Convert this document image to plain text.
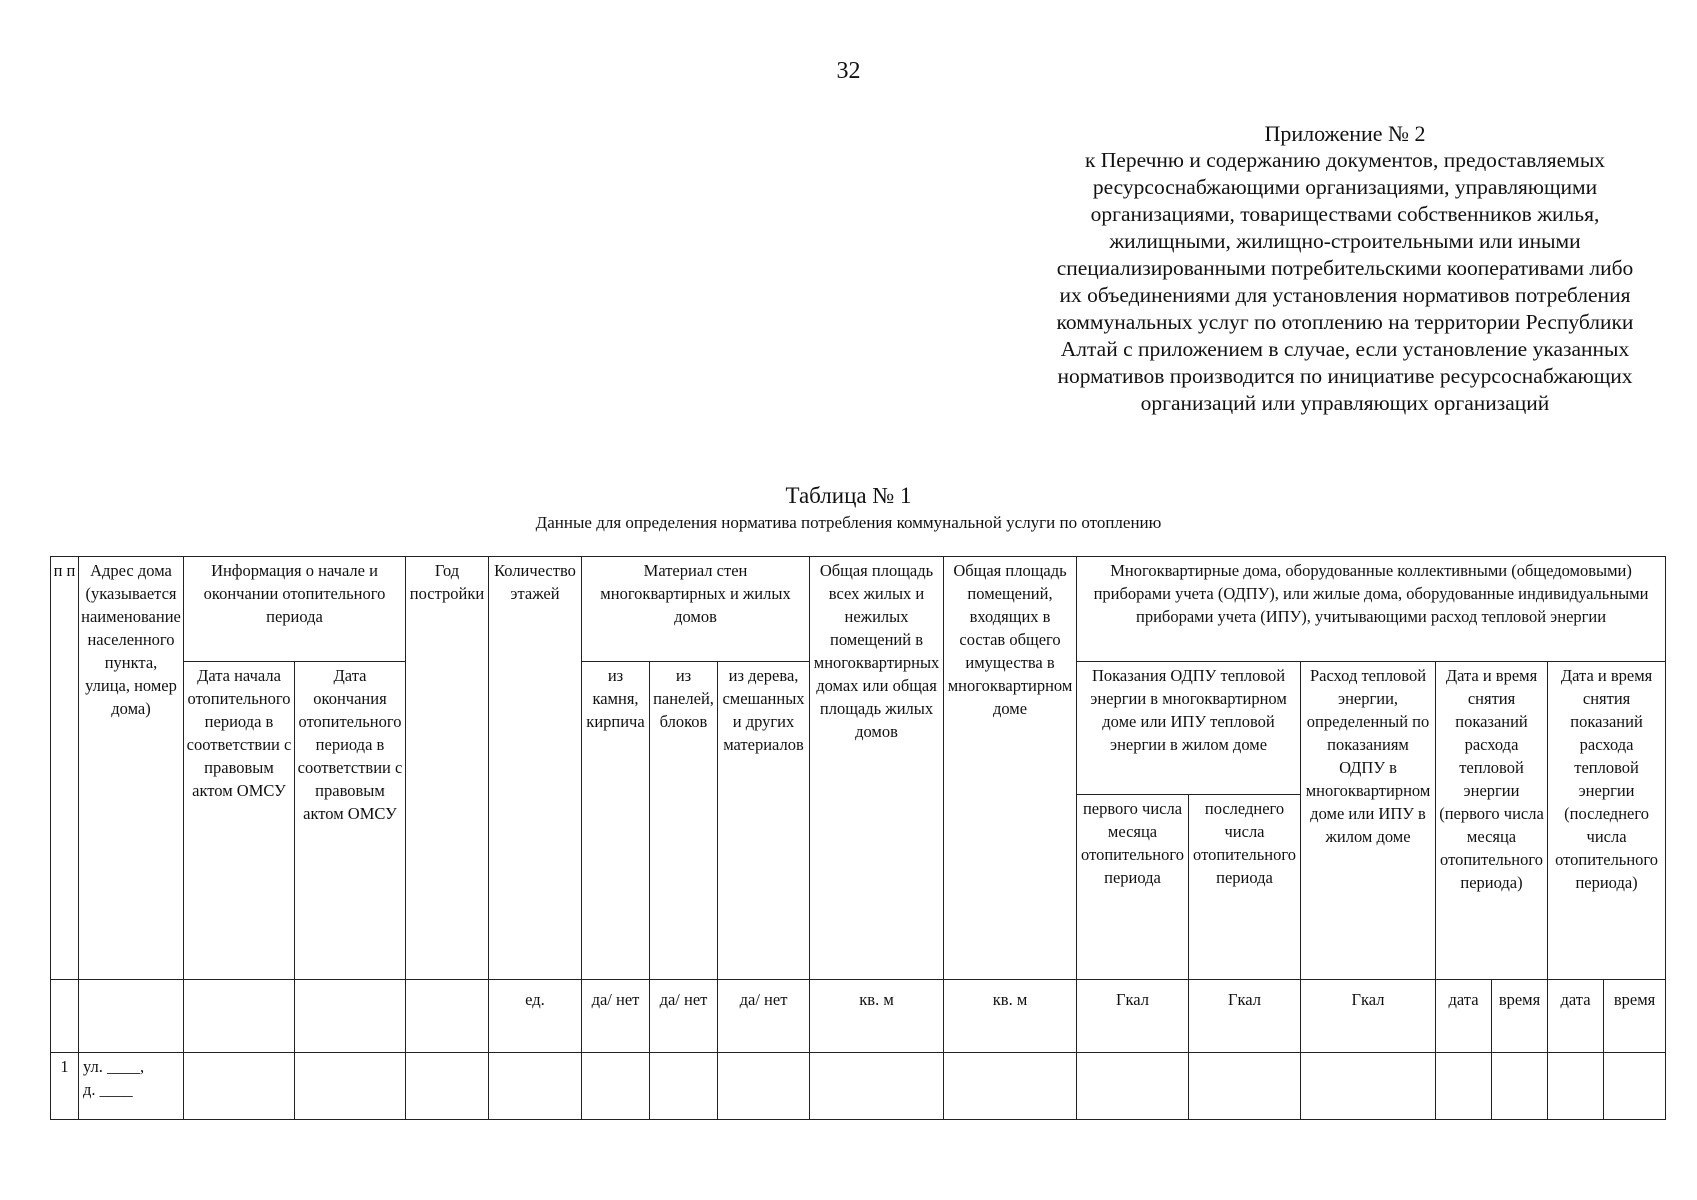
32
Приложение № 2
к Перечню и содержанию документов, предоставляемых
ресурсоснабжающими организациями, управляющими
организациями, товариществами собственников жилья,
жилищными, жилищно-строительными или иными
специализированными потребительскими кооперативами либо
их объединениями для установления нормативов потребления
коммунальных услуг по отоплению на территории Республики
Алтай с приложением в случае, если установление указанных
нормативов производится по инициативе ресурсоснабжающих
организаций или управляющих организаций
Таблица № 1
Данные для определения норматива потребления коммунальной услуги по отоплению
п п	Адрес дома (указывается наименование населенного пункта, улица, номер дома)	Информация о начале и окончании отопительного периода		Год постройки	Количество этажей	Материал стен многоквартирных и жилых домов			Общая площадь всех жилых и нежилых помещений в многоквартирных домах или общая площадь жилых домов	Общая площадь помещений, входящих в состав общего имущества в многоквартирном доме	Многоквартирные дома, оборудованные коллективными (общедомовыми) приборами учета (ОДПУ), или жилые дома, оборудованные индивидуальными приборами учета (ИПУ), учитывающими расход тепловой энергии						
		Дата начала отопительного периода в соответствии с правовым актом ОМСУ	Дата окончания отопительного периода в соответствии с правовым актом ОМСУ			из камня, кирпича	из панелей, блоков	из дерева, смешанных и других материалов			Показания ОДПУ тепловой энергии в многоквартирном доме или ИПУ тепловой энергии в жилом доме		Расход тепловой энергии, определенный по показаниям ОДПУ в многоквартирном доме или ИПУ в жилом доме	Дата и время снятия показаний расхода тепловой энергии (первого числа месяца отопительного периода)		Дата и время снятия показаний расхода тепловой энергии (последнего числа отопительного периода)	
											первого числа месяца отопительного периода	последнего числа отопительного периода					
					ед.	да/ нет	да/ нет	да/ нет	кв. м	кв. м	Гкал	Гкал	Гкал	дата	время	дата	время
1	ул. ____,
д. ____																
